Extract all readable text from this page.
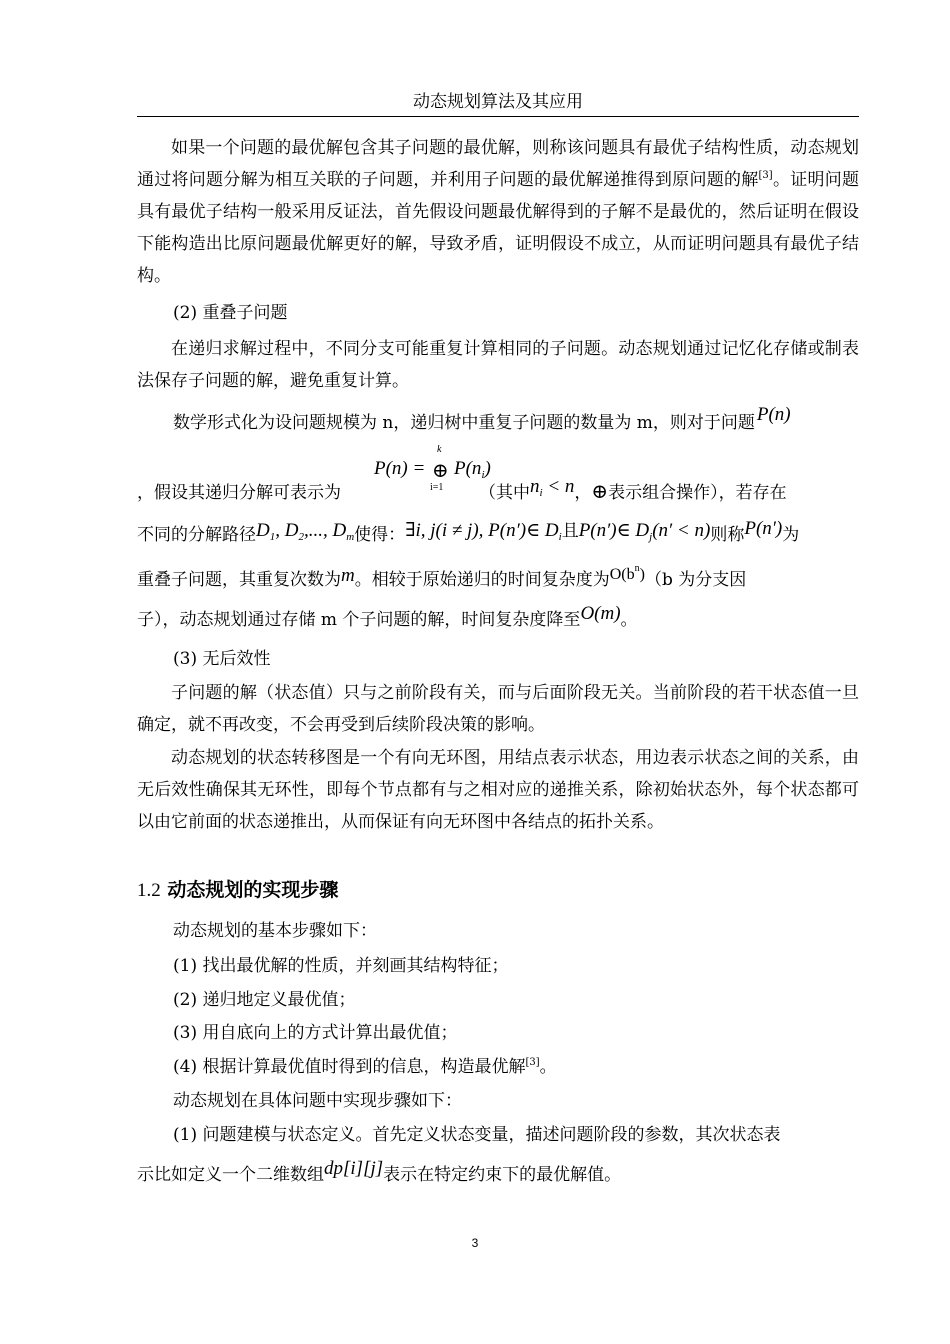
动态规划算法及其应用

如果一个问题的最优解包含其子问题的最优解，则称该问题具有最优子结构性质，动态规划通过将问题分解为相互关联的子问题，并利用子问题的最优解递推得到原问题的解[3]。证明问题具有最优子结构一般采用反证法，首先假设问题最优解得到的子解不是最优的，然后证明在假设下能构造出比原问题最优解更好的解，导致矛盾，证明假设不成立，从而证明问题具有最优子结构。

(2) 重叠子问题

在递归求解过程中，不同分支可能重复计算相同的子问题。动态规划通过记忆化存储或制表法保存子问题的解，避免重复计算。

数学形式化为设问题规模为 n，递归树中重复子问题的数量为 m，则对于问题 P(n)
P(n) = ⊕
k
i=1
$P(n_i)$
，假设其递归分解可表示为	（其中$n_i < n$，⊕表示组合操作），若存在
不同的分解路径$D_1$, $D_2$,..., $D_m$使得：∃i, j(i ≠ j), P(n′)∈ $D_i$且P(n′)∈ $D_j(n' < n)$则称P(n′)为
重叠子问题，其重复次数为m。相较于原始递归的时间复杂度为$O(b^n)(b$ 为分支因
子），动态规划通过存储 m 个子问题的解，时间复杂度降至O(m)。
(3) 无后效性

子问题的解（状态值）只与之前阶段有关，而与后面阶段无关。当前阶段的若干状态值一旦确定，就不再改变，不会再受到后续阶段决策的影响。

动态规划的状态转移图是一个有向无环图，用结点表示状态，用边表示状态之间的关系，由无后效性确保其无环性，即每个节点都有与之相对应的递推关系，除初始状态外，每个状态都可以由它前面的状态递推出，从而保证有向无环图中各结点的拓扑关系。

1.2 动态规划的实现步骤
动态规划的基本步骤如下：
(1) 找出最优解的性质，并刻画其结构特征；
(2) 递归地定义最优值；
(3) 用自底向上的方式计算出最优值；
(4) 根据计算最优值时得到的信息，构造最优解[3]。
动态规划在具体问题中实现步骤如下：
(1) 问题建模与状态定义。首先定义状态变量，描述问题阶段的参数，其次状态表
示比如定义一个二维数组dp[i][j]表示在特定约束下的最优解值。
3
